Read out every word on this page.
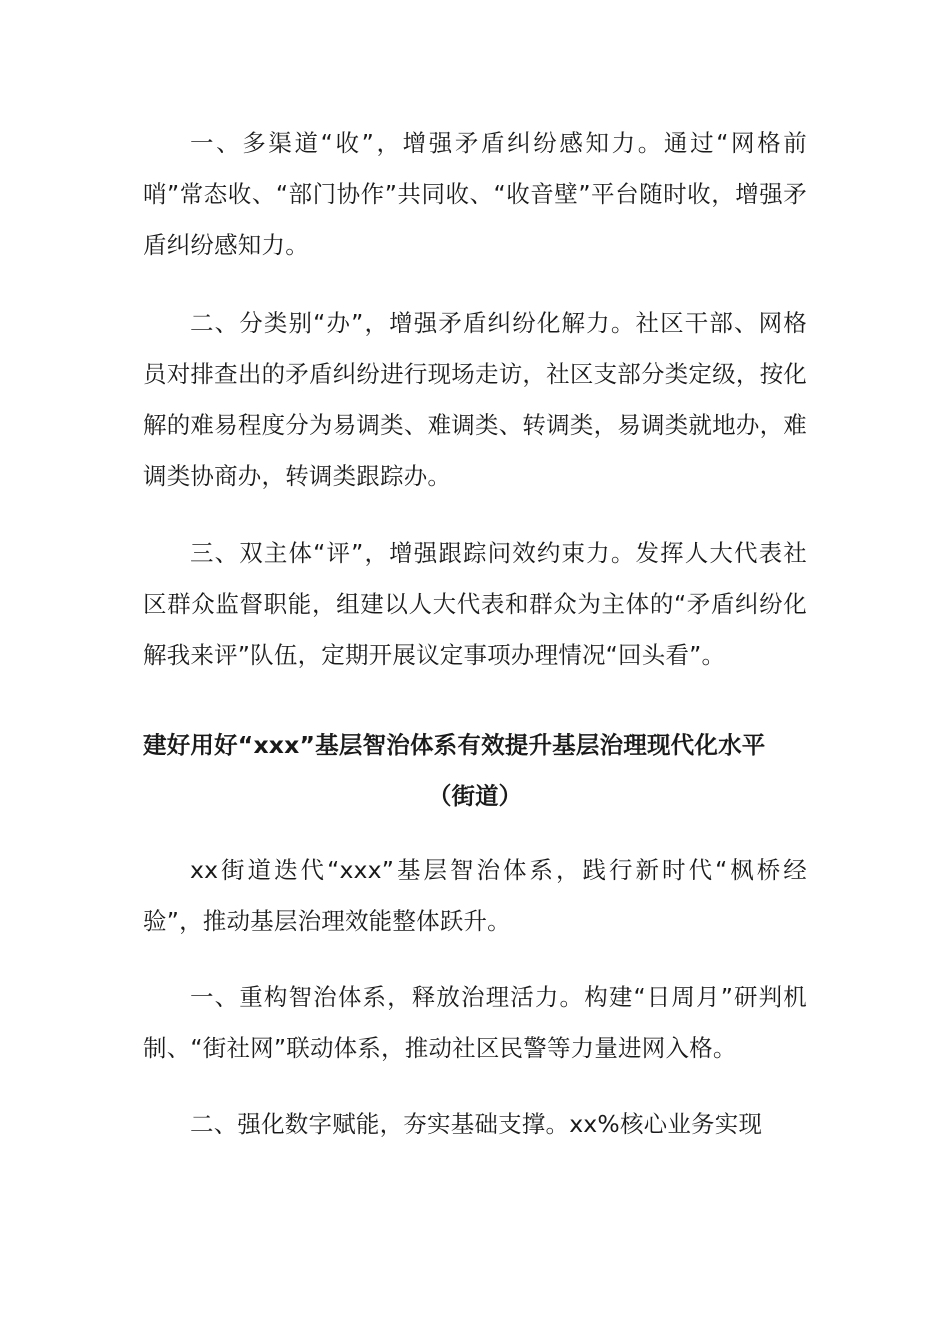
一、多渠道“收”，增强矛盾纠纷感知力。通过“网格前哨”常态收、“部门协作”共同收、“收音壁”平台随时收，增强矛盾纠纷感知力。

二、分类别“办”，增强矛盾纠纷化解力。社区干部、网格员对排查出的矛盾纠纷进行现场走访，社区支部分类定级，按化解的难易程度分为易调类、难调类、转调类，易调类就地办，难调类协商办，转调类跟踪办。

三、双主体“评”，增强跟踪问效约束力。发挥人大代表社区群众监督职能，组建以人大代表和群众为主体的“矛盾纠纷化解我来评”队伍，定期开展议定事项办理情况“回头看”。

建好用好“xxx”基层智治体系有效提升基层治理现代化水平

（街道）

xx街道迭代“xxx”基层智治体系，践行新时代“枫桥经验”，推动基层治理效能整体跃升。

一、重构智治体系，释放治理活力。构建“日周月”研判机制、“街社网”联动体系，推动社区民警等力量进网入格。

二、强化数字赋能，夯实基础支撑。xx%核心业务实现
